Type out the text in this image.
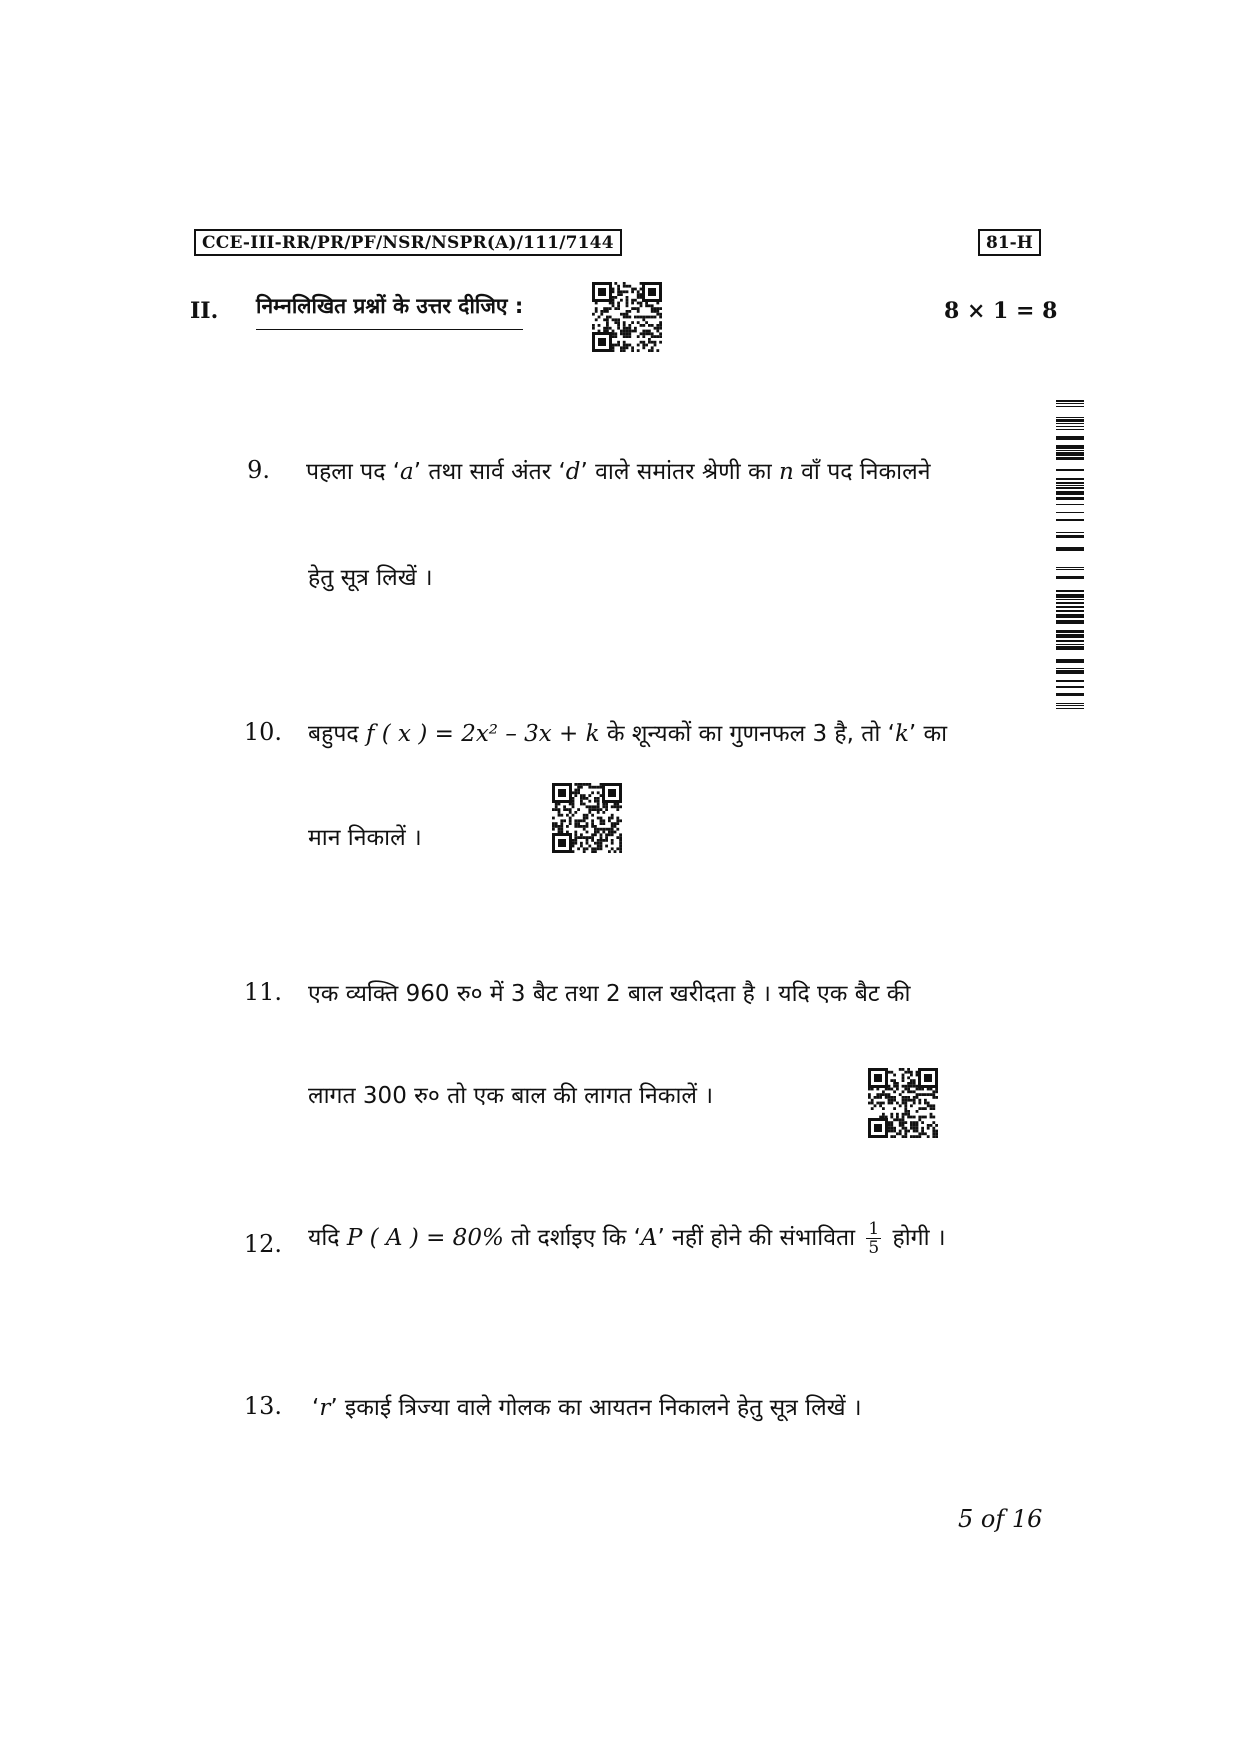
CCE-III-RR/PR/PF/NSR/NSPR(A)/111/7144	81-H
II. निम्नलिखित प्रश्नों के उत्तर दीजिए :	8 × 1 = 8
9. पहला पद ‘a’ तथा सार्व अंतर ‘d’ वाले समांतर श्रेणी का n वाँ पद निकालने
हेतु सूत्र लिखें ।
10. बहुपद f ( x ) = 2x² – 3x + k के शून्यकों का गुणनफल 3 है, तो ‘k’ का
मान निकालें ।
11. एक व्यक्ति 960 रु० में 3 बैट तथा 2 बाल खरीदता है । यदि एक बैट की
लागत 300 रु० तो एक बाल की लागत निकालें ।
12. यदि P ( A ) = 80% तो दर्शाइए कि ‘A’ नहीं होने की संभाविता $\frac{1}{5}$ होगी ।
13. ‘r’ इकाई त्रिज्या वाले गोलक का आयतन निकालने हेतु सूत्र लिखें ।
5 of 16
